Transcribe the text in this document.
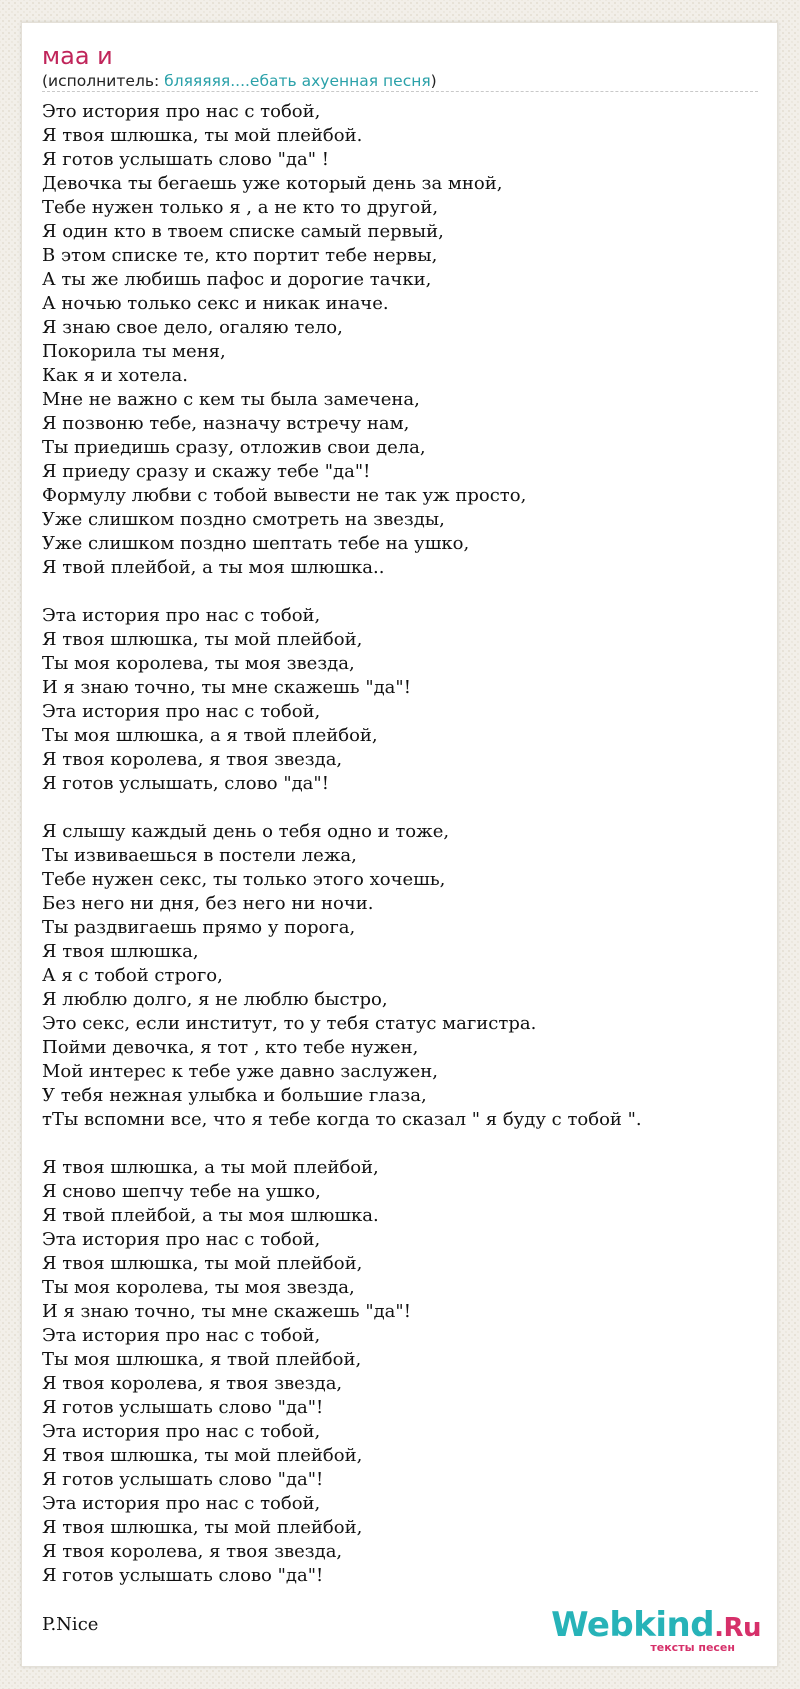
маа и
(исполнитель: бляяяяя....ебать ахуенная песня)
Это история про нас с тобой,
Я твоя шлюшка, ты мой плейбой.
Я готов услышать слово "да" !
Девочка ты бегаешь уже который день за мной,
Тебе нужен только я , а не кто то другой,
Я один кто в твоем списке самый первый,
В этом списке те, кто портит тебе нервы,
А ты же любишь пафос и дорогие тачки,
А ночью только секс и никак иначе.
Я знаю свое дело, огаляю тело,
Покорила ты меня,
Как я и хотела.
Мне не важно с кем ты была замечена,
Я позвоню тебе, назначу встречу нам,
Ты приедишь сразу, отложив свои дела,
Я приеду сразу и скажу тебе "да"!
Формулу любви с тобой вывести не так уж просто,
Уже слишком поздно смотреть на звезды,
Уже слишком поздно шептать тебе на ушко,
Я твой плейбой, а ты моя шлюшка..
Эта история про нас с тобой,
Я твоя шлюшка, ты мой плейбой,
Ты моя королева, ты моя звезда,
И я знаю точно, ты мне скажешь "да"!
Эта история про нас с тобой,
Ты моя шлюшка, а я твой плейбой,
Я твоя королева, я твоя звезда,
Я готов услышать, слово "да"!
Я слышу каждый день о тебя одно и тоже,
Ты извиваешься в постели лежа,
Тебе нужен секс, ты только этого хочешь,
Без него ни дня, без него ни ночи.
Ты раздвигаешь прямо у порога,
Я твоя шлюшка,
А я с тобой строго,
Я люблю долго, я не люблю быстро,
Это секс, если институт, то у тебя статус магистра.
Пойми девочка, я тот , кто тебе нужен,
Мой интерес к тебе уже давно заслужен,
У тебя нежная улыбка и большие глаза,
тТы вспомни все, что я тебе когда то сказал " я буду с тобой ".
Я твоя шлюшка, а ты мой плейбой,
Я сново шепчу тебе на ушко,
Я твой плейбой, а ты моя шлюшка.
Эта история про нас с тобой,
Я твоя шлюшка, ты мой плейбой,
Ты моя королева, ты моя звезда,
И я знаю точно, ты мне скажешь "да"!
Эта история про нас с тобой,
Ты моя шлюшка, я твой плейбой,
Я твоя королева, я твоя звезда,
Я готов услышать слово "да"!
Эта история про нас с тобой,
Я твоя шлюшка, ты мой плейбой,
Я готов услышать слово "да"!
Эта история про нас с тобой,
Я твоя шлюшка, ты мой плейбой,
Я твоя королева, я твоя звезда,
Я готов услышать слово "да"!
P.Nice	Webkind.Ru
тексты песен
